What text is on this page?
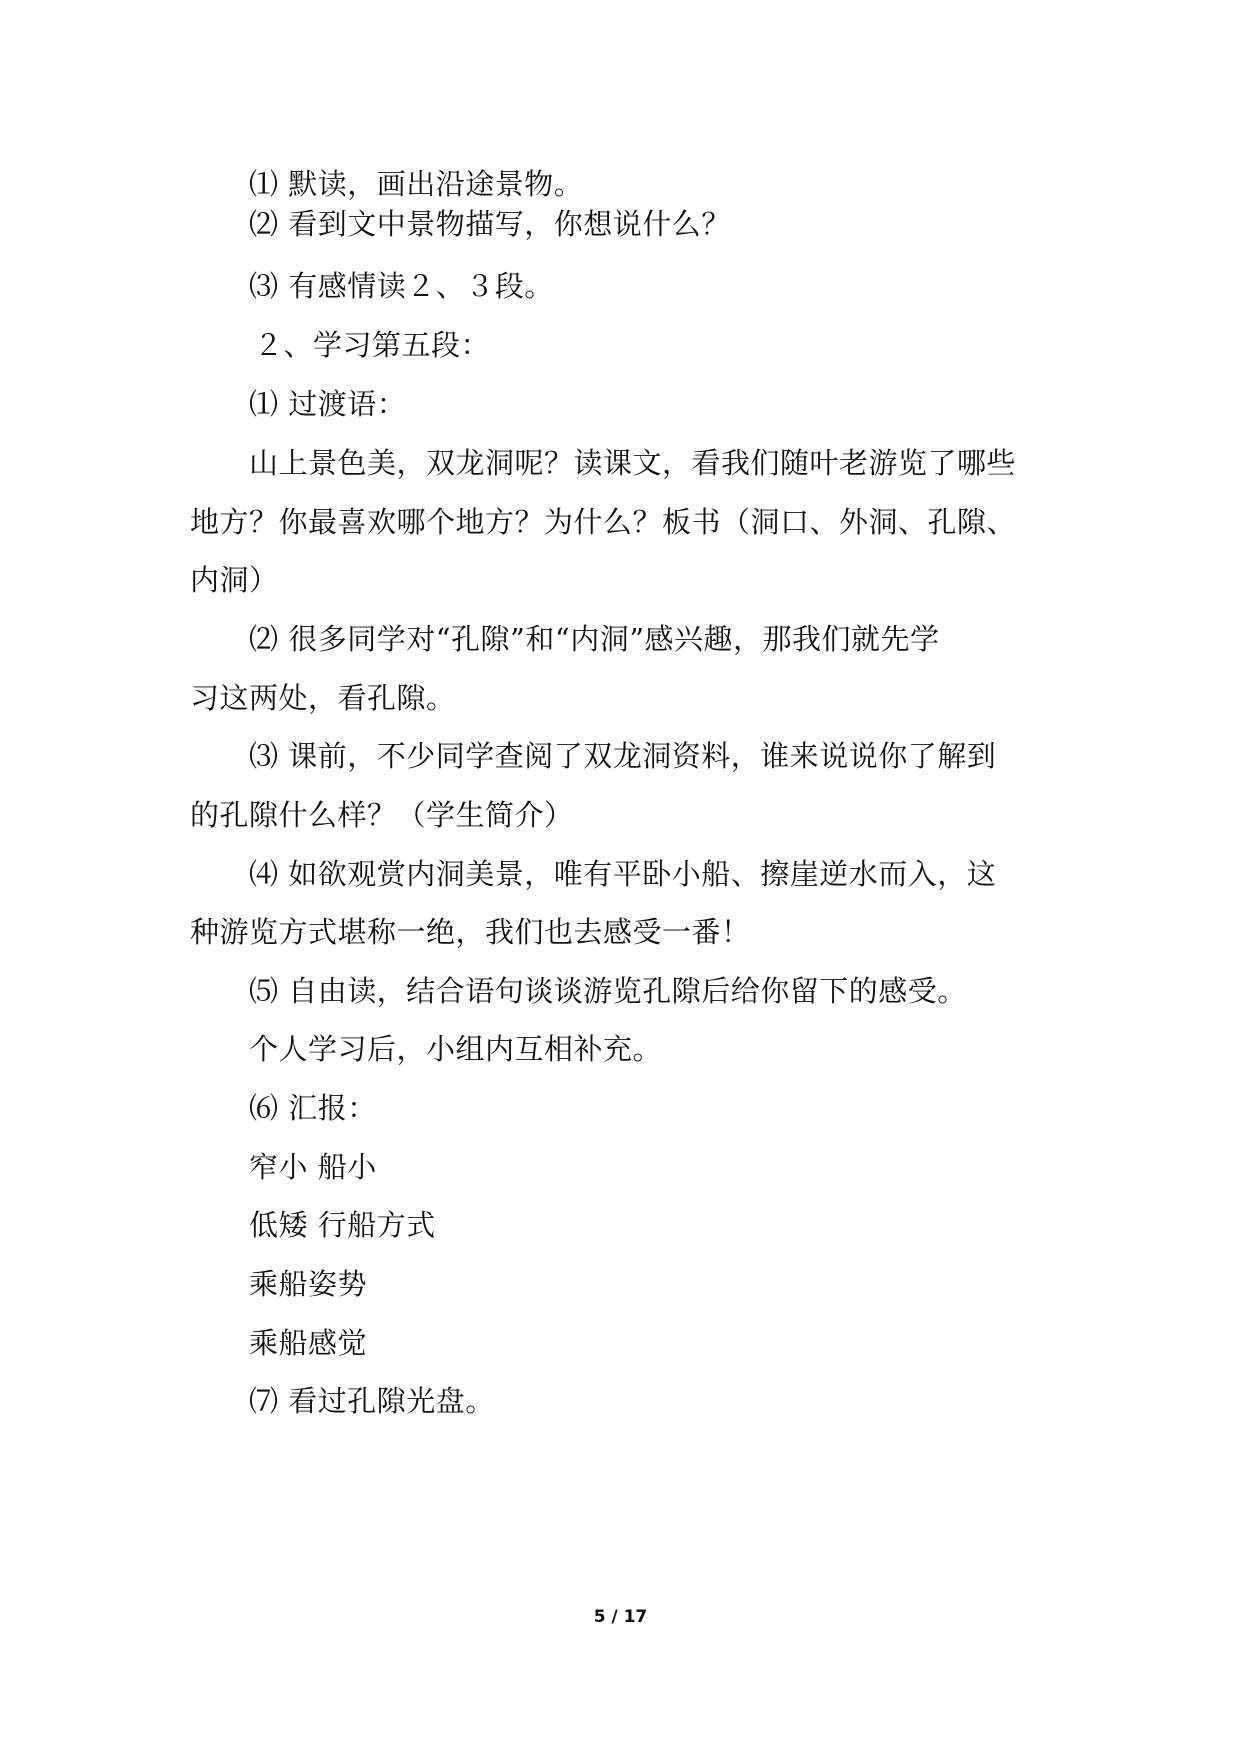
⑴ 默读，画出沿途景物。
⑵ 看到文中景物描写，你想说什么？
⑶ 有感情读２、３段。
２、学习第五段：
⑴ 过渡语：
山上景色美，双龙洞呢？读课文，看我们随叶老游览了哪些
地方？你最喜欢哪个地方？为什么？板书（洞口、外洞、孔隙、
内洞）
⑵ 很多同学对“孔隙”和“内洞”感兴趣，那我们就先学
习这两处，看孔隙。
⑶ 课前，不少同学查阅了双龙洞资料，谁来说说你了解到
的孔隙什么样？（学生简介）
⑷ 如欲观赏内洞美景，唯有平卧小船、擦崖逆水而入，这
种游览方式堪称一绝，我们也去感受一番！
⑸ 自由读，结合语句谈谈游览孔隙后给你留下的感受。
个人学习后，小组内互相补充。
⑹ 汇报：
窄小 船小
低矮 行船方式
乘船姿势
乘船感觉
⑺ 看过孔隙光盘。
5 / 17
